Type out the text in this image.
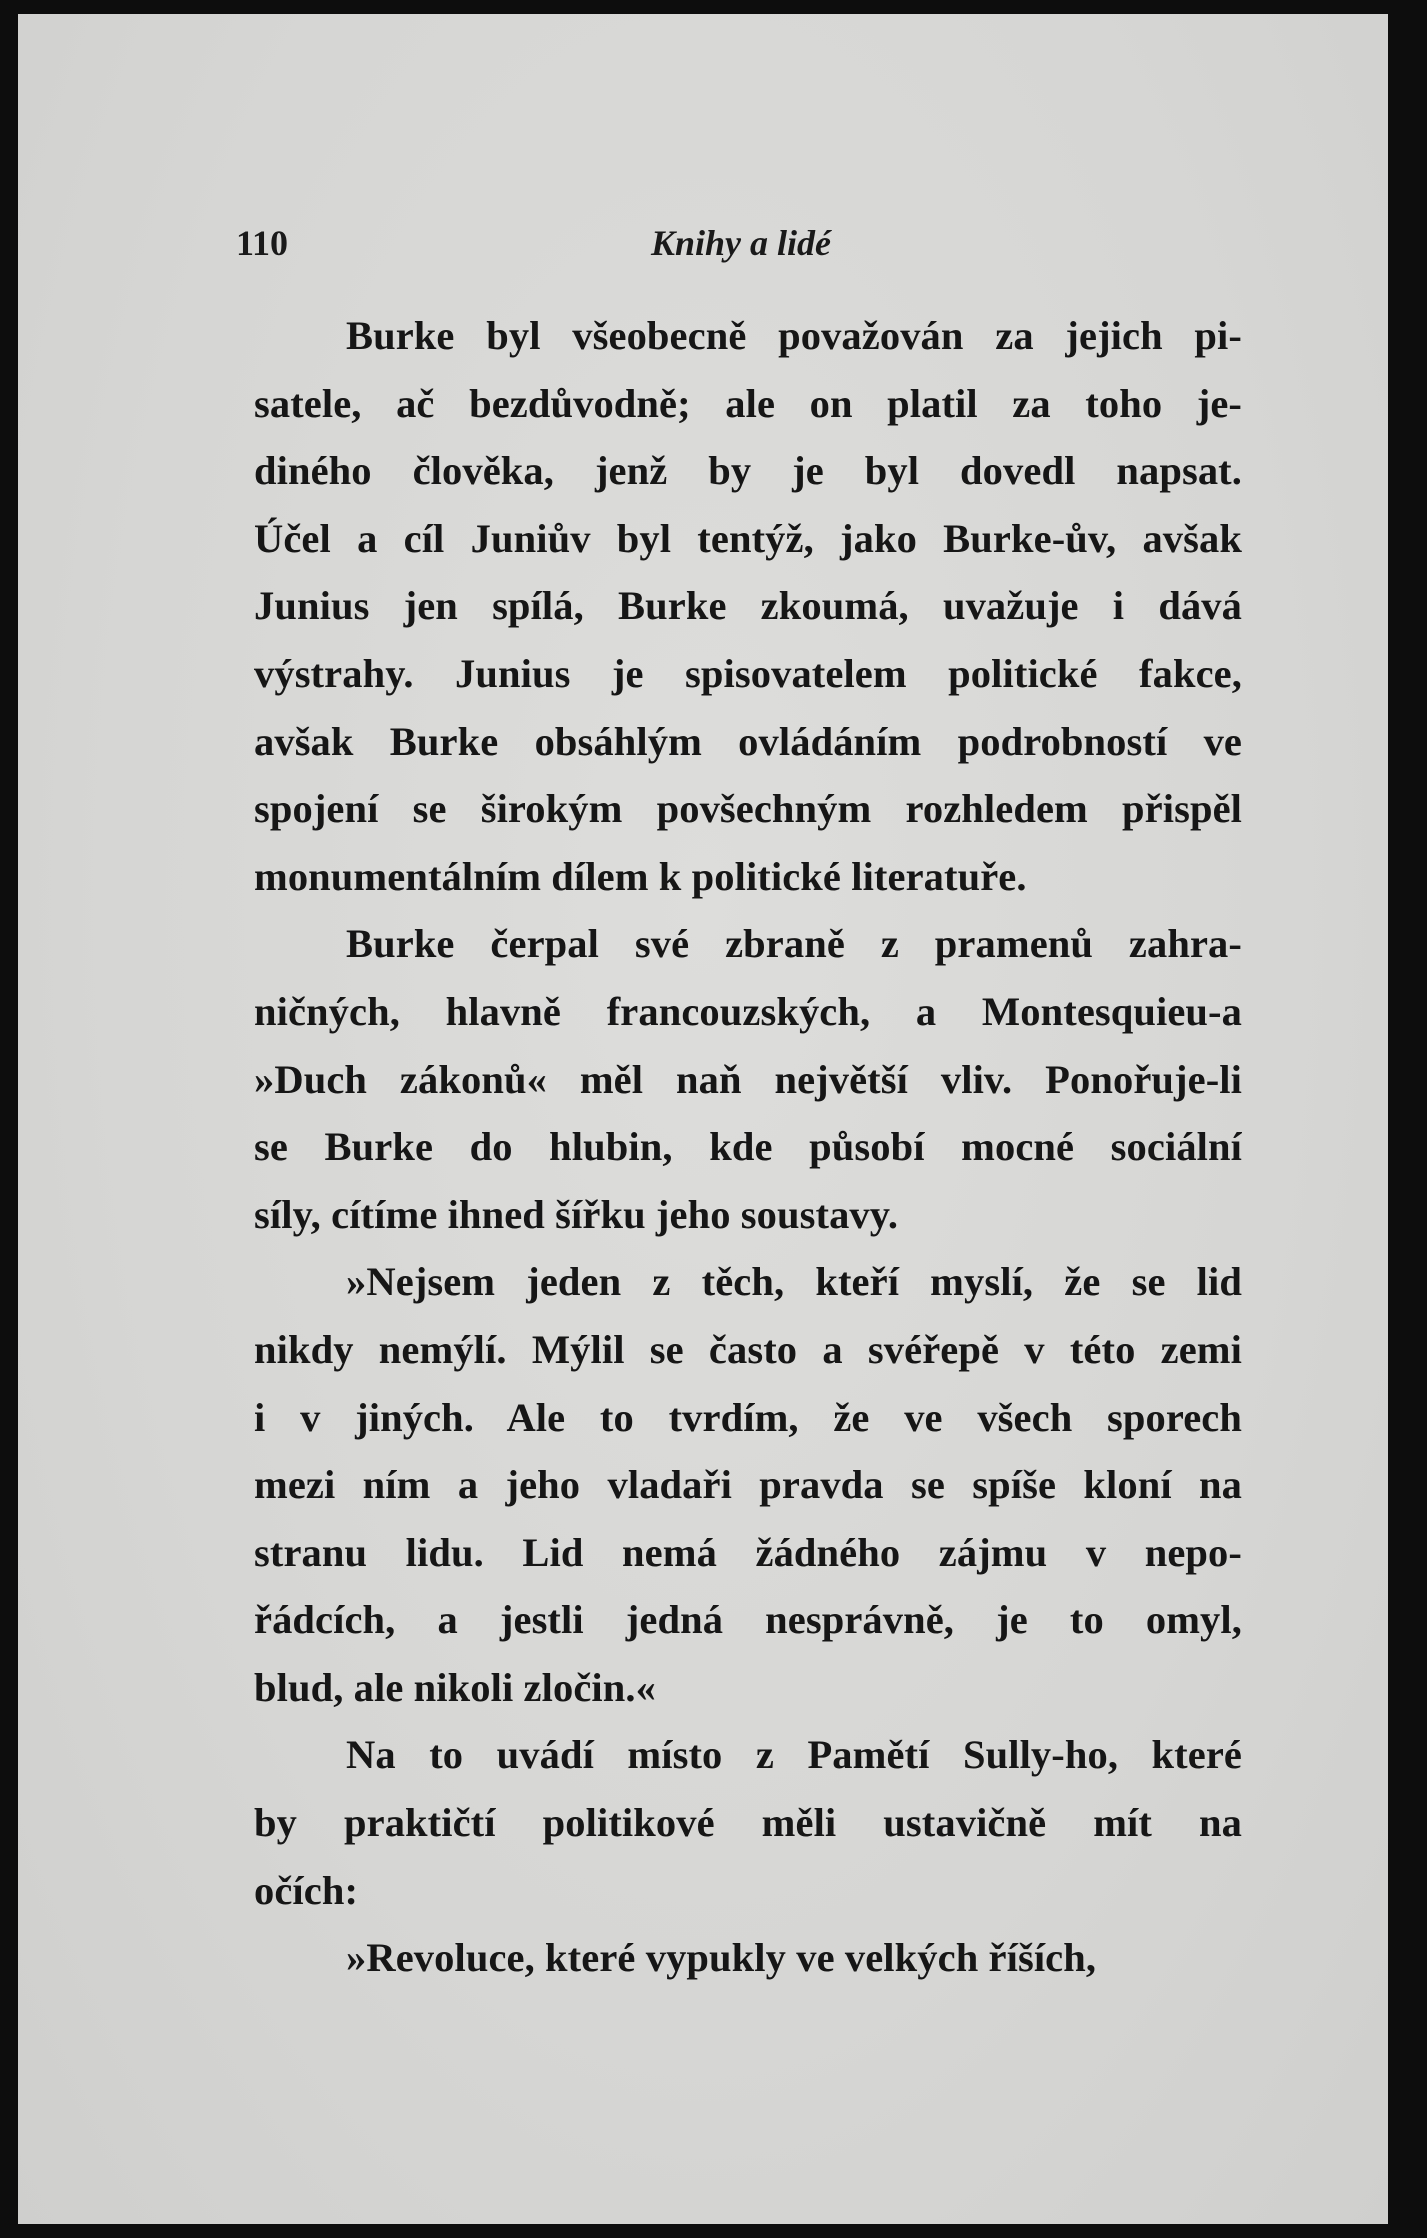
110	Knihy a lidé
Burke byl všeobecně považován za jejich pi-
satele, ač bezdůvodně; ale on platil za toho je-
diného člověka, jenž by je byl dovedl napsat.
Účel a cíl Juniův byl tentýž, jako Burke-ův, avšak
Junius jen spílá, Burke zkoumá, uvažuje i dává
výstrahy. Junius je spisovatelem politické fakce,
avšak Burke obsáhlým ovládáním podrobností ve
spojení se širokým povšechným rozhledem přispěl
monumentálním dílem k politické literatuře.
Burke čerpal své zbraně z pramenů zahra-
ničných, hlavně francouzských, a Montesquieu-a
»Duch zákonů« měl naň největší vliv. Ponořuje-li
se Burke do hlubin, kde působí mocné sociální
síly, cítíme ihned šířku jeho soustavy.
»Nejsem jeden z těch, kteří myslí, že se lid
nikdy nemýlí. Mýlil se často a svéřepě v této zemi
i v jiných. Ale to tvrdím, že ve všech sporech
mezi ním a jeho vladaři pravda se spíše kloní na
stranu lidu. Lid nemá žádného zájmu v nepo-
řádcích, a jestli jedná nesprávně, je to omyl,
blud, ale nikoli zločin.«
Na to uvádí místo z Pamětí Sully-ho, které
by praktičtí politikové měli ustavičně mít na
očích:
»Revoluce, které vypukly ve velkých říších,
